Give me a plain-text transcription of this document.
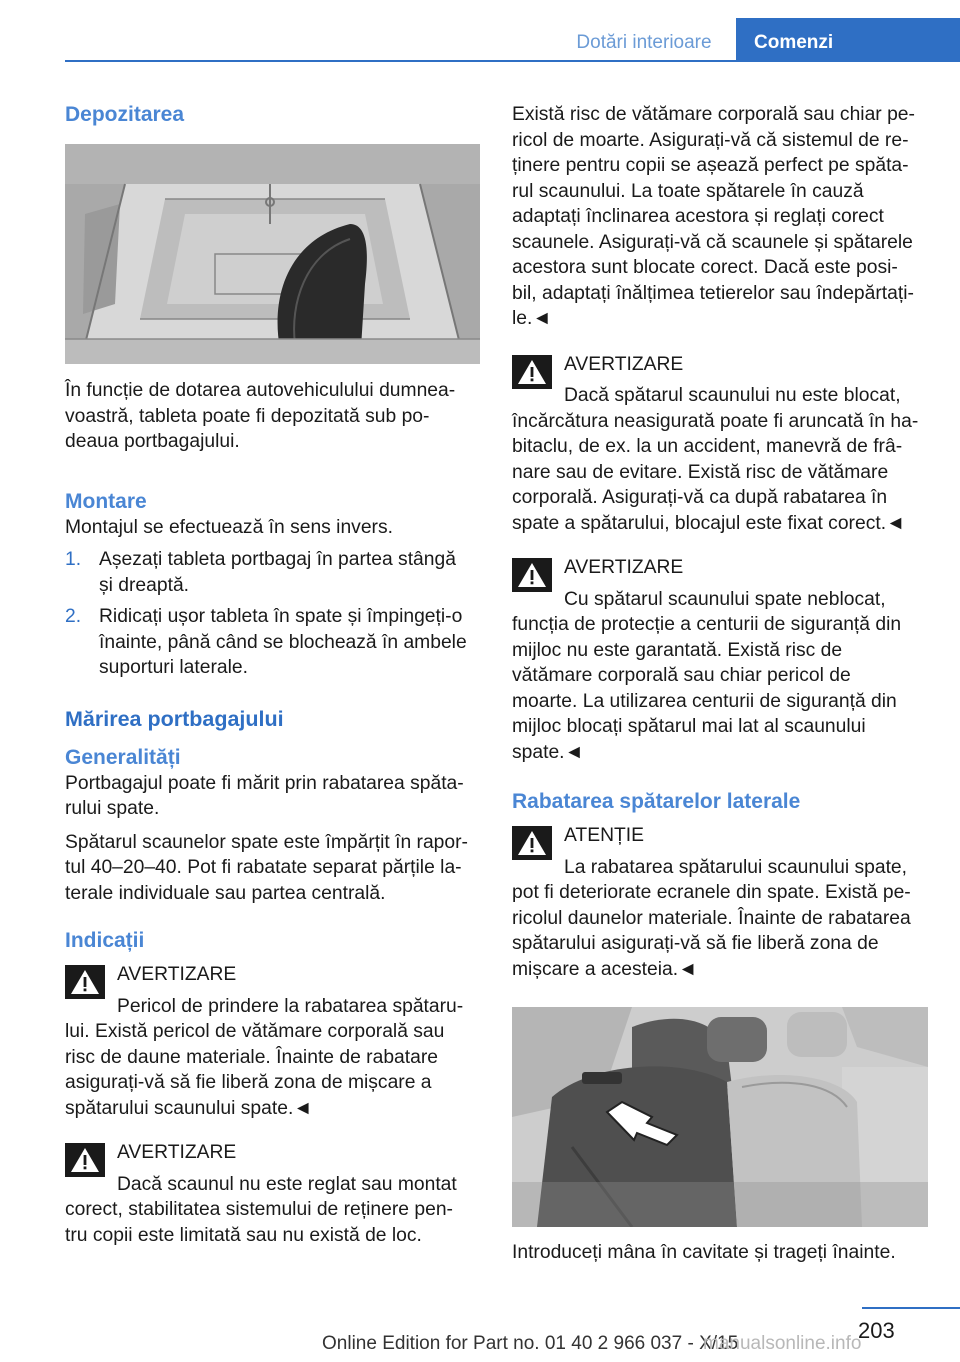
Dotări interioare	Comenzi

Depozitarea

În funcție de dotarea autovehiculului dumnea-
voastră, tableta poate fi depozitată sub po-
deaua portbagajului.

Montare

Montajul se efectuează în sens invers.

1. Așezați tableta portbagaj în partea stângă
și dreaptă.
2. Ridicați ușor tableta în spate și împingeți-o
înainte, până când se blochează în ambele
suporturi laterale.

Mărirea portbagajului

Generalități

Portbagajul poate fi mărit prin rabatarea spăta-
rului spate.

Spătarul scaunelor spate este împărțit în rapor-
tul 40–20–40. Pot fi rabatate separat părțile la-
terale individuale sau partea centrală.

Indicații

AVERTIZARE
Pericol de prindere la rabatarea spătaru-
lui. Există pericol de vătămare corporală sau
risc de daune materiale. Înainte de rabatare
asigurați-vă să fie liberă zona de mișcare a
spătarului scaunului spate.◄
AVERTIZARE
Dacă scaunul nu este reglat sau montat
corect, stabilitatea sistemului de reținere pen-
tru copii este limitată sau nu există de loc.

Există risc de vătămare corporală sau chiar pe-
ricol de moarte. Asigurați-vă că sistemul de re-
ținere pentru copii se așează perfect pe spăta-
rul scaunului. La toate spătarele în cauză
adaptați înclinarea acestora și reglați corect
scaunele. Asigurați-vă că scaunele și spătarele
acestora sunt blocate corect. Dacă este posi-
bil, adaptați înălțimea tetierelor sau îndepărtați-
le.◄

AVERTIZARE
Dacă spătarul scaunului nu este blocat,
încărcătura neasigurată poate fi aruncată în ha-
bitaclu, de ex. la un accident, manevră de frâ-
nare sau de evitare. Există risc de vătămare
corporală. Asigurați-vă ca după rabatarea în
spate a spătarului, blocajul este fixat corect.◄
AVERTIZARE
Cu spătarul scaunului spate neblocat,
funcția de protecție a centurii de siguranță din
mijloc nu este garantată. Există risc de
vătămare corporală sau chiar pericol de
moarte. La utilizarea centurii de siguranță din
mijloc blocați spătarul mai lat al scaunului
spate.◄

Rabatarea spătarelor laterale

ATENȚIE
La rabatarea spătarului scaunului spate,
pot fi deteriorate ecranele din spate. Există pe-
ricolul daunelor materiale. Înainte de rabatarea
spătarului asigurați-vă să fie liberă zona de
mișcare a acesteia.◄

Introduceți mâna în cavitate și trageți înainte.

203
Online Edition for Part no. 01 40 2 966 037 - X/15
manualsonline.info
